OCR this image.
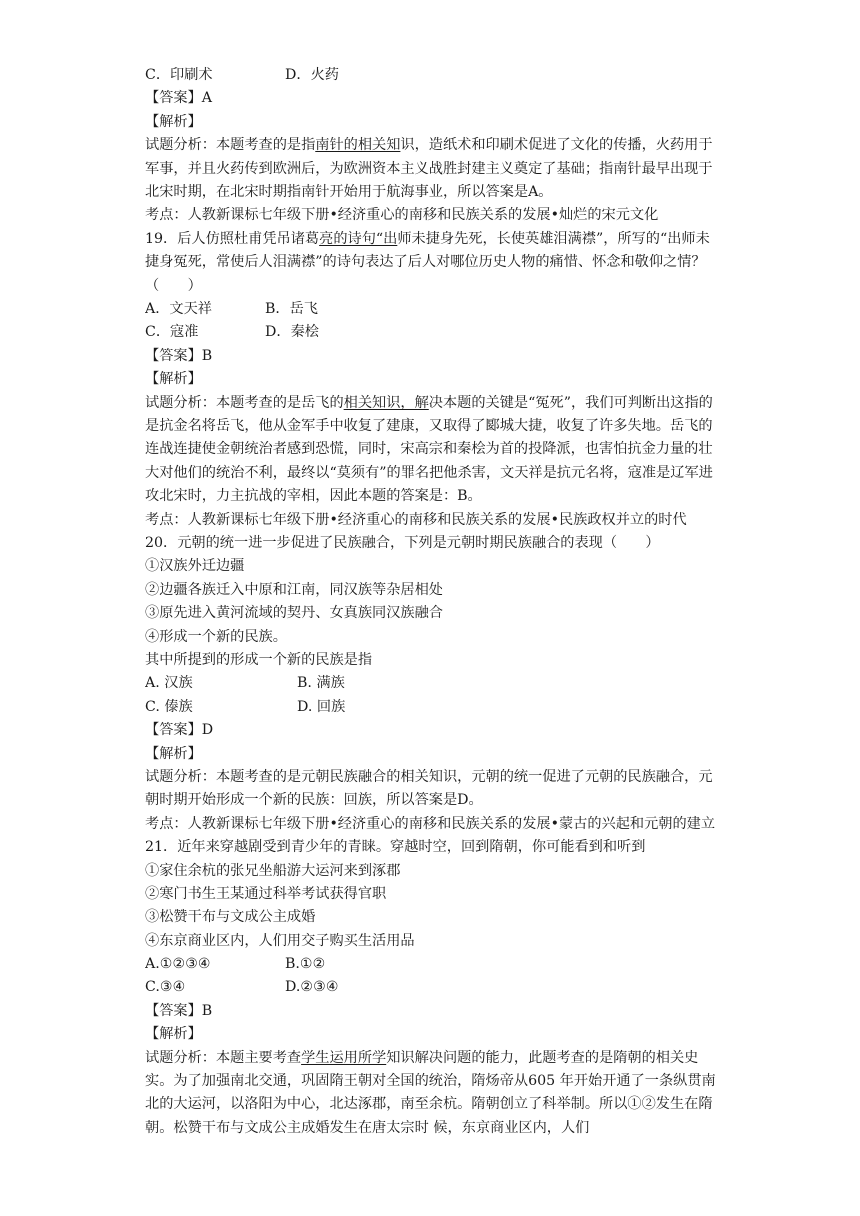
C．印刷术	D．火药
【答案】A
【解析】
试题分析：本题考查的是指南针的相关知识，造纸术和印刷术促进了文化的传播，火药用于军事，并且火药传到欧洲后，为欧洲资本主义战胜封建主义奠定了基础；指南针最早出现于北宋时期，在北宋时期指南针开始用于航海事业，所以答案是A。
考点：人教新课标七年级下册•经济重心的南移和民族关系的发展•灿烂的宋元文化
19．后人仿照杜甫凭吊诸葛亮的诗句“出师未捷身先死，长使英雄泪满襟”，所写的“出师未捷身冤死，常使后人泪满襟”的诗句表达了后人对哪位历史人物的痛惜、怀念和敬仰之情？（　　）
A．文天祥	B．岳飞
C．寇准	D．秦桧
【答案】B
【解析】
试题分析：本题考查的是岳飞的相关知识，解决本题的关键是“冤死”，我们可判断出这指的是抗金名将岳飞，他从金军手中收复了建康，又取得了郾城大捷，收复了许多失地。岳飞的连战连捷使金朝统治者感到恐慌，同时，宋高宗和秦桧为首的投降派，也害怕抗金力量的壮大对他们的统治不利，最终以“莫须有”的罪名把他杀害，文天祥是抗元名将，寇准是辽军进攻北宋时，力主抗战的宰相，因此本题的答案是：B。
考点：人教新课标七年级下册•经济重心的南移和民族关系的发展•民族政权并立的时代
20．元朝的统一进一步促进了民族融合，下列是元朝时期民族融合的表现（　　）
①汉族外迁边疆
②边疆各族迁入中原和江南，同汉族等杂居相处
③原先进入黄河流域的契丹、女真族同汉族融合
④形成一个新的民族。
其中所提到的形成一个新的民族是指
A. 汉族	B. 满族
C. 傣族	D. 回族
【答案】D
【解析】
试题分析：本题考查的是元朝民族融合的相关知识，元朝的统一促进了元朝的民族融合，元朝时期开始形成一个新的民族：回族，所以答案是D。
考点：人教新课标七年级下册•经济重心的南移和民族关系的发展•蒙古的兴起和元朝的建立
21．近年来穿越剧受到青少年的青睐。穿越时空，回到隋朝，你可能看到和听到
①家住余杭的张兄坐船游大运河来到涿郡
②寒门书生王某通过科举考试获得官职
③松赞干布与文成公主成婚
④东京商业区内，人们用交子购买生活用品
A.①②③④	B.①②
C.③④	D.②③④
【答案】B
【解析】
试题分析：本题主要考查学生运用所学知识解决问题的能力，此题考查的是隋朝的相关史实。为了加强南北交通，巩固隋王朝对全国的统治，隋炀帝从605 年开始开通了一条纵贯南北的大运河，以洛阳为中心，北达涿郡，南至余杭。隋朝创立了科举制。所以①②发生在隋朝。松赞干布与文成公主成婚发生在唐太宗时 候，东京商业区内，人们
